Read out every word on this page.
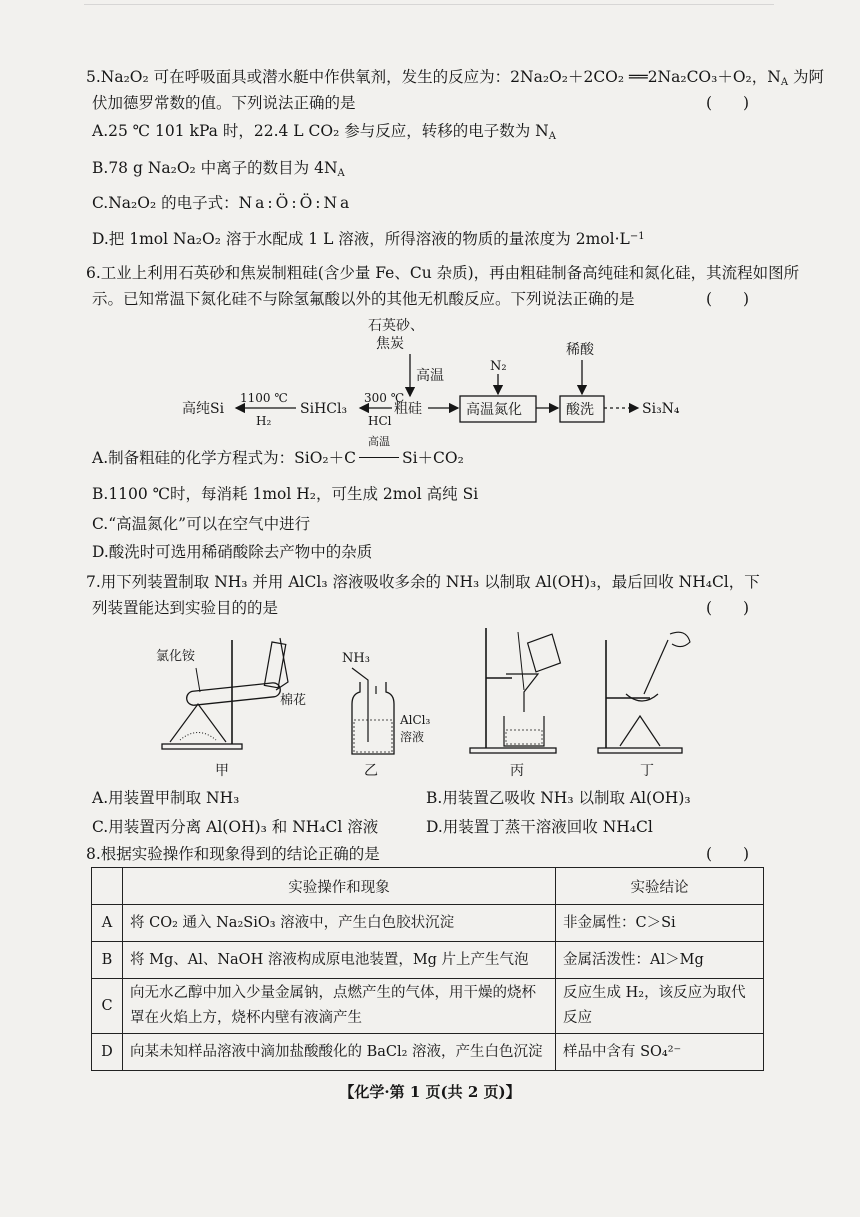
5.Na₂O₂ 可在呼吸面具或潜水艇中作供氧剂，发生的反应为：2Na₂O₂＋2CO₂ ══2Na₂CO₃＋O₂，$N_A$ 为阿
伏加德罗常数的值。下列说法正确的是	(　　)
A.25 ℃ 101 kPa 时，22.4 L CO₂ 参与反应，转移的电子数为 $N_A$
B.78 g Na₂O₂ 中离子的数目为 $4N_A$
C.Na₂O₂ 的电子式：Na:Ö:Ö:Na
D.把 1mol Na₂O₂ 溶于水配成 1 L 溶液，所得溶液的物质的量浓度为 $2mol\cdot L^{-1}$
6.工业上利用石英砂和焦炭制粗硅(含少量 Fe、Cu 杂质)，再由粗硅制备高纯硅和氮化硅，其流程如图所
示。已知常温下氮化硅不与除氢氟酸以外的其他无机酸反应。下列说法正确的是	(　　)
石英砂、
焦炭
高温
粗硅	高温氮化
N₂
酸洗
稀酸
Si₃N₄
300 ℃
HCl
SiHCl₃
1100 ℃
H₂
高纯Si
A.制备粗硅的化学方程式为：SiO₂＋C
高温
Si＋CO₂
B.1100 ℃时，每消耗 1mol H₂，可生成 2mol 高纯 Si
C.“高温氮化”可以在空气中进行
D.酸洗时可选用稀硝酸除去产物中的杂质
7.用下列装置制取 NH₃ 并用 AlCl₃ 溶液吸收多余的 NH₃ 以制取 Al(OH)₃，最后回收 NH₄Cl，下
列装置能达到实验目的的是	(　　)
氯化铵
棉花
甲
NH₃
AlCl₃
溶液
乙	丙	丁
A.用装置甲制取 NH₃	B.用装置乙吸收 NH₃ 以制取 Al(OH)₃
C.用装置丙分离 Al(OH)₃ 和 NH₄Cl 溶液	D.用装置丁蒸干溶液回收 NH₄Cl
8.根据实验操作和现象得到的结论正确的是	(　　)
	实验操作和现象	实验结论
A	将 CO₂ 通入 Na₂SiO₃ 溶液中，产生白色胶状沉淀	非金属性：C＞Si
B	将 Mg、Al、NaOH 溶液构成原电池装置，Mg 片上产生气泡	金属活泼性：Al＞Mg
C	向无水乙醇中加入少量金属钠，点燃产生的气体，用干燥的烧杯罩在火焰上方，烧杯内壁有液滴产生	反应生成 H₂，该反应为取代反应
D	向某未知样品溶液中滴加盐酸酸化的 BaCl₂ 溶液，产生白色沉淀	样品中含有 SO₄²⁻
【化学·第 1 页(共 2 页)】
